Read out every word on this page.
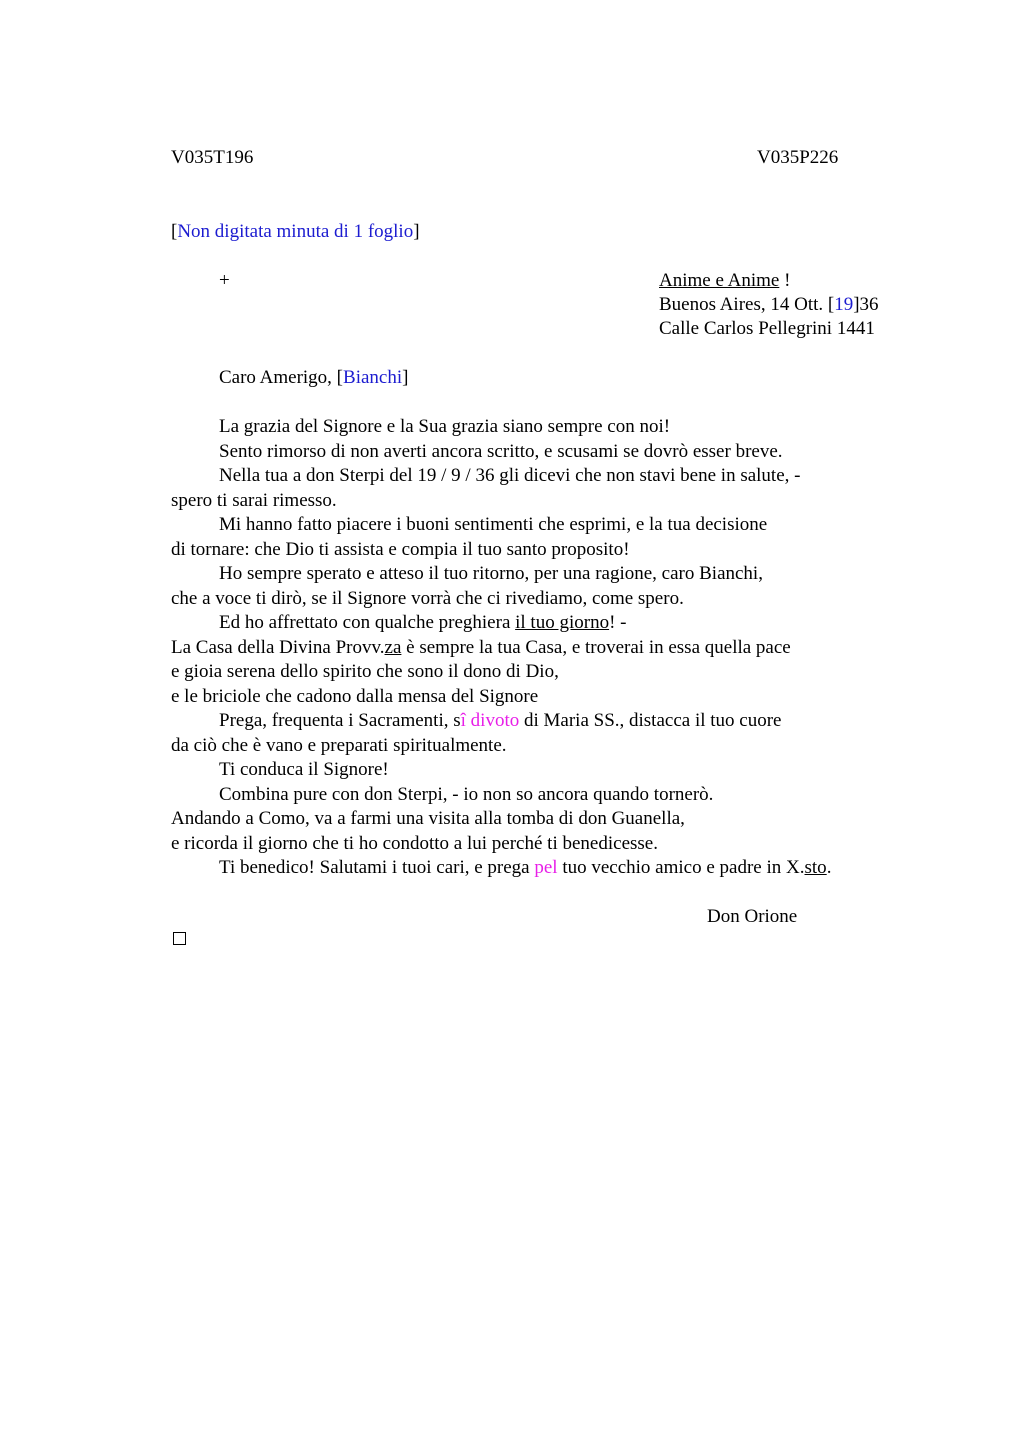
V035T196	V035P226
[Non digitata minuta di 1 foglio]
+	Anime e Anime !
Buenos Aires, 14 Ott. [19]36
Calle Carlos Pellegrini 1441
Caro Amerigo, [Bianchi]
La grazia del Signore e la Sua grazia siano sempre con noi!
Sento rimorso di non averti ancora scritto, e scusami se dovrò esser breve.
Nella tua a don Sterpi del 19 / 9 / 36 gli dicevi che non stavi bene in salute, -
spero ti sarai rimesso.
Mi hanno fatto piacere i buoni sentimenti che esprimi, e la tua decisione
di tornare: che Dio ti assista e compia il tuo santo proposito!
Ho sempre sperato e atteso il tuo ritorno, per una ragione, caro Bianchi,
che a voce ti dirò, se il Signore vorrà che ci rivediamo, come spero.
Ed ho affrettato con qualche preghiera il tuo giorno! -
La Casa della Divina Provv.za è sempre la tua Casa, e troverai in essa quella pace
e gioia serena dello spirito che sono il dono di Dio,
e le briciole che cadono dalla mensa del Signore
Prega, frequenta i Sacramenti, sî divoto di Maria SS., distacca il tuo cuore
da ciò che è vano e preparati spiritualmente.
Ti conduca il Signore!
Combina pure con don Sterpi, - io non so ancora quando tornerò.
Andando a Como, va a farmi una visita alla tomba di don Guanella,
e ricorda il giorno che ti ho condotto a lui perché ti benedicesse.
Ti benedico! Salutami i tuoi cari, e prega pel tuo vecchio amico e padre in X.sto.
Don Orione
